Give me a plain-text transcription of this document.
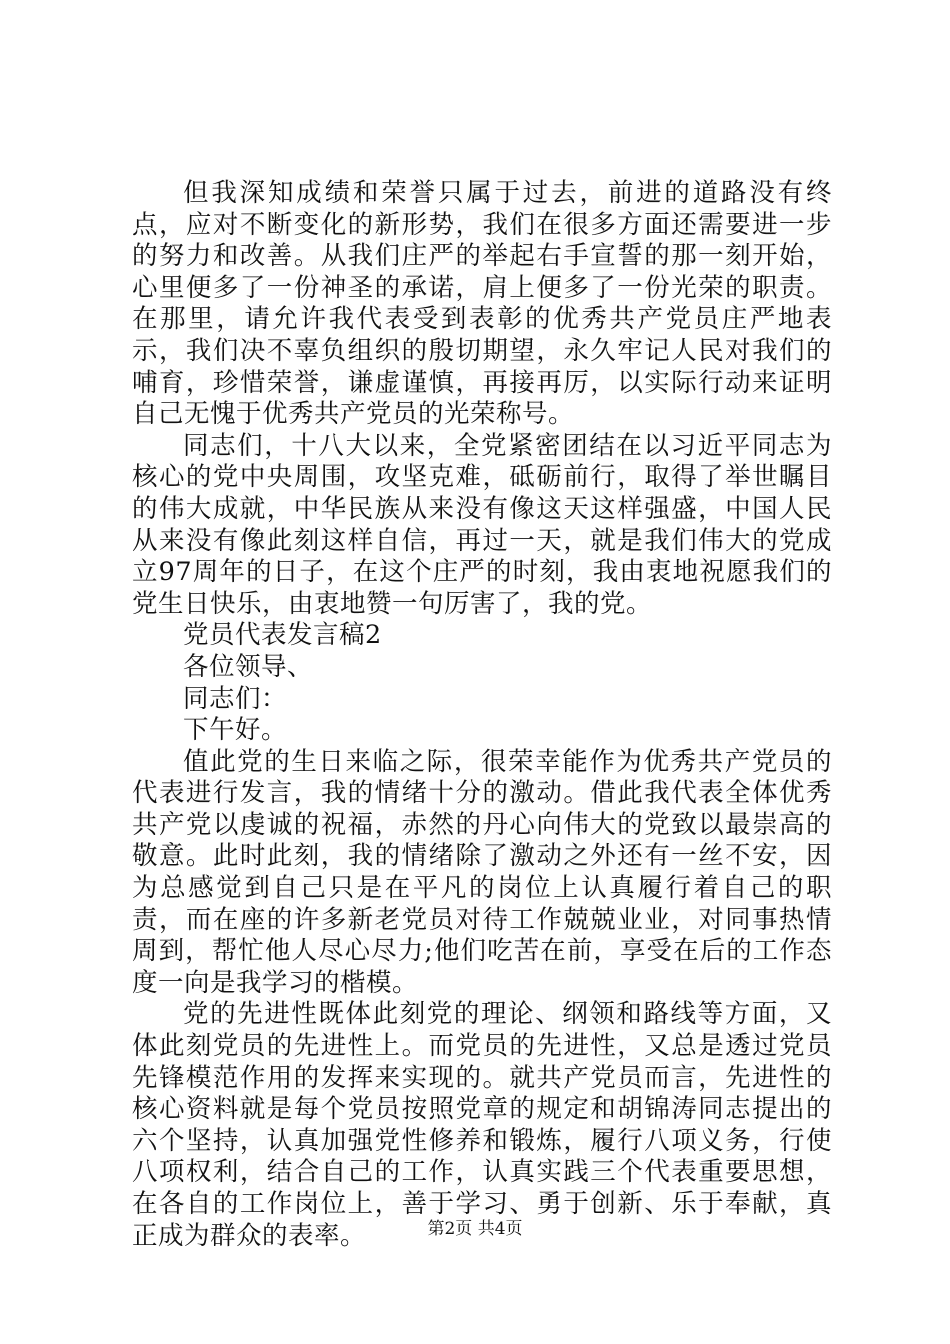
但我深知成绩和荣誉只属于过去，前进的道路没有终点，应对不断变化的新形势，我们在很多方面还需要进一步的努力和改善。从我们庄严的举起右手宣誓的那一刻开始，心里便多了一份神圣的承诺，肩上便多了一份光荣的职责。在那里，请允许我代表受到表彰的优秀共产党员庄严地表示，我们决不辜负组织的殷切期望，永久牢记人民对我们的哺育，珍惜荣誉，谦虚谨慎，再接再厉，以实际行动来证明自己无愧于优秀共产党员的光荣称号。

同志们，十八大以来，全党紧密团结在以习近平同志为核心的党中央周围，攻坚克难，砥砺前行，取得了举世瞩目的伟大成就，中华民族从来没有像这天这样强盛，中国人民从来没有像此刻这样自信，再过一天，就是我们伟大的党成立97周年的日子，在这个庄严的时刻，我由衷地祝愿我们的党生日快乐，由衷地赞一句厉害了，我的党。

党员代表发言稿2

各位领导、

同志们：

下午好。

值此党的生日来临之际，很荣幸能作为优秀共产党员的代表进行发言，我的情绪十分的激动。借此我代表全体优秀共产党以虔诚的祝福，赤然的丹心向伟大的党致以最崇高的敬意。此时此刻，我的情绪除了激动之外还有一丝不安，因为总感觉到自己只是在平凡的岗位上认真履行着自己的职责，而在座的许多新老党员对待工作兢兢业业，对同事热情周到，帮忙他人尽心尽力;他们吃苦在前，享受在后的工作态度一向是我学习的楷模。

党的先进性既体此刻党的理论、纲领和路线等方面，又体此刻党员的先进性上。而党员的先进性，又总是透过党员先锋模范作用的发挥来实现的。就共产党员而言，先进性的核心资料就是每个党员按照党章的规定和胡锦涛同志提出的六个坚持，认真加强党性修养和锻炼，履行八项义务，行使八项权利，结合自己的工作，认真实践三个代表重要思想，在各自的工作岗位上，善于学习、勇于创新、乐于奉献，真正成为群众的表率。	第2页 共4页
